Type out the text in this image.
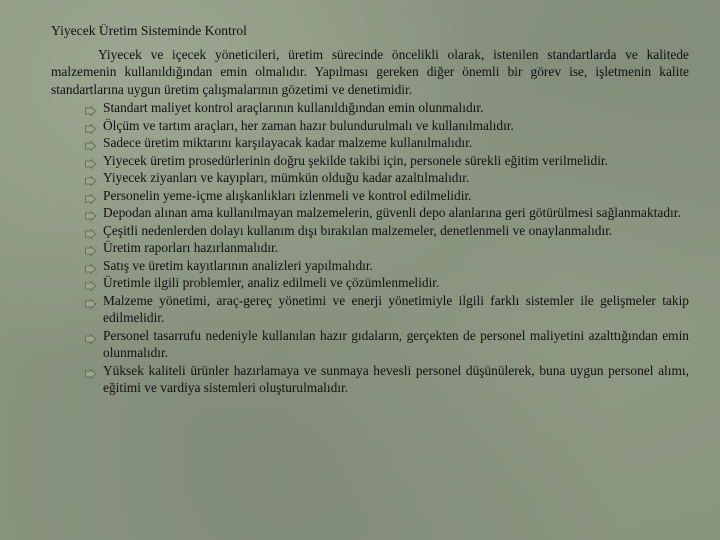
Yiyecek Üretim Sisteminde Kontrol

Yiyecek ve içecek yöneticileri, üretim sürecinde öncelikli olarak, istenilen standartlarda ve kalitede malzemenin kullanıldığından emin olmalıdır. Yapılması gereken diğer önemli bir görev ise, işletmenin kalite standartlarına uygun üretim çalışmalarının gözetimi ve denetimidir.

Standart maliyet kontrol araçlarının kullanıldığından emin olunmalıdır.
Ölçüm ve tartım araçları, her zaman hazır bulundurulmalı ve kullanılmalıdır.
Sadece üretim miktarını karşılayacak kadar malzeme kullanılmalıdır.
Yiyecek üretim prosedürlerinin doğru şekilde takibi için, personele sürekli eğitim verilmelidir.
Yiyecek ziyanları ve kayıpları, mümkün olduğu kadar azaltılmalıdır.
Personelin yeme-içme alışkanlıkları izlenmeli ve kontrol edilmelidir.
Depodan alınan ama kullanılmayan malzemelerin, güvenli depo alanlarına geri götürülmesi sağlanmaktadır.
Çeşitli nedenlerden dolayı kullanım dışı bırakılan malzemeler, denetlenmeli ve onaylanmalıdır.
Üretim raporları hazırlanmalıdır.
Satış ve üretim kayıtlarının analizleri yapılmalıdır.
Üretimle ilgili problemler, analiz edilmeli ve çözümlenmelidir.
Malzeme yönetimi, araç-gereç yönetimi ve enerji yönetimiyle ilgili farklı sistemler ile gelişmeler takip edilmelidir.
Personel tasarrufu nedeniyle kullanılan hazır gıdaların, gerçekten de personel maliyetini azalttığından emin olunmalıdır.
Yüksek kaliteli ürünler hazırlamaya ve sunmaya hevesli personel düşünülerek, buna uygun personel alımı, eğitimi ve vardiya sistemleri oluşturulmalıdır.
